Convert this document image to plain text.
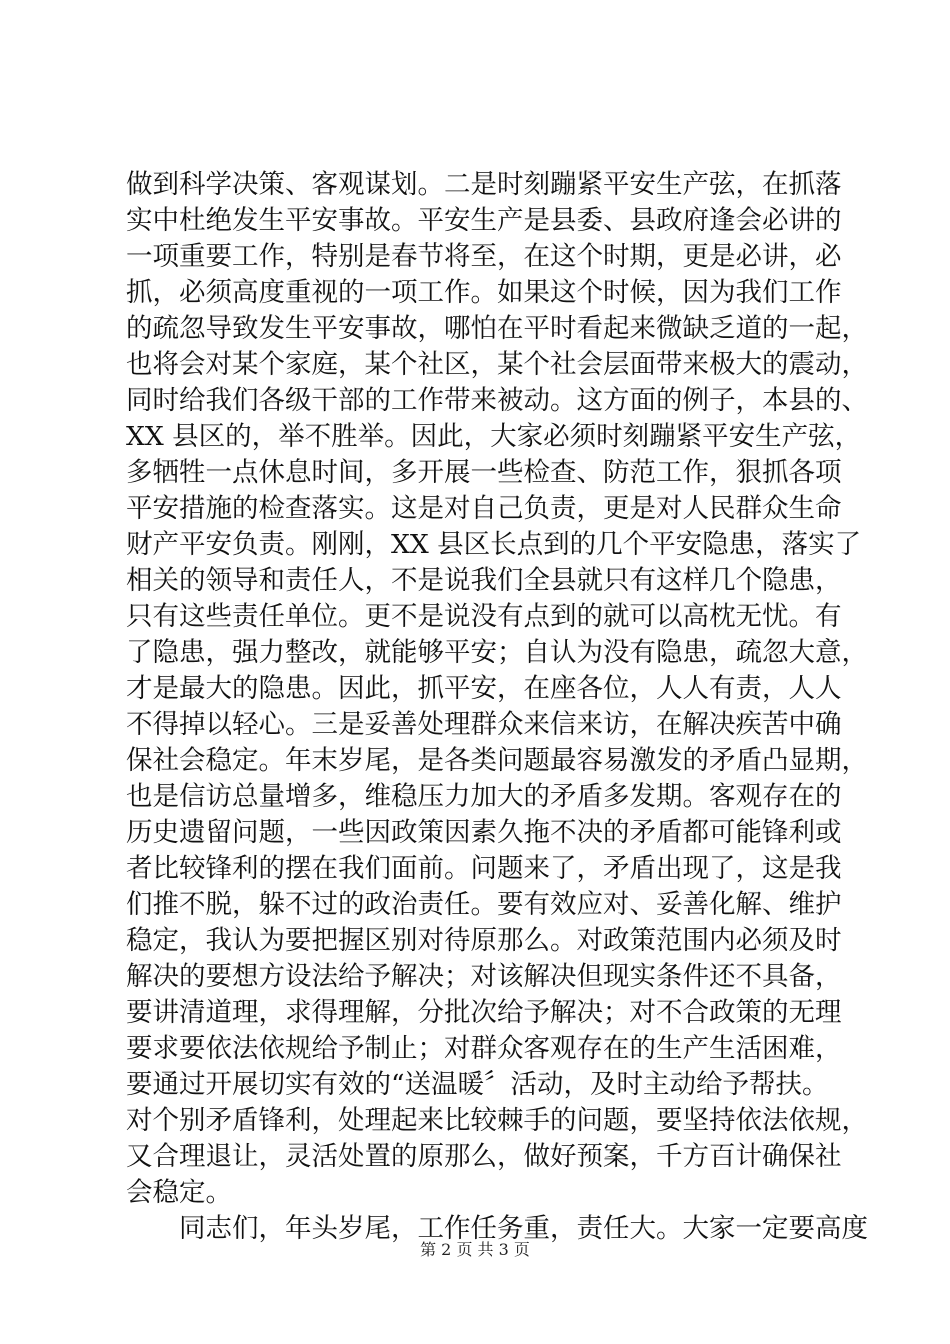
做到科学决策、客观谋划。二是时刻蹦紧平安生产弦，在抓落
实中杜绝发生平安事故。平安生产是县委、县政府逢会必讲的
一项重要工作，特别是春节将至，在这个时期，更是必讲，必
抓，必须高度重视的一项工作。如果这个时候，因为我们工作
的疏忽导致发生平安事故，哪怕在平时看起来微缺乏道的一起，
也将会对某个家庭，某个社区，某个社会层面带来极大的震动，
同时给我们各级干部的工作带来被动。这方面的例子，本县的、
XX 县区的，举不胜举。因此，大家必须时刻蹦紧平安生产弦，
多牺牲一点休息时间，多开展一些检查、防范工作，狠抓各项
平安措施的检查落实。这是对自己负责，更是对人民群众生命
财产平安负责。刚刚，XX 县区长点到的几个平安隐患，落实了
相关的领导和责任人，不是说我们全县就只有这样几个隐患，
只有这些责任单位。更不是说没有点到的就可以高枕无忧。有
了隐患，强力整改，就能够平安；自认为没有隐患，疏忽大意，
才是最大的隐患。因此，抓平安，在座各位，人人有责，人人
不得掉以轻心。三是妥善处理群众来信来访，在解决疾苦中确
保社会稳定。年末岁尾，是各类问题最容易激发的矛盾凸显期，
也是信访总量增多，维稳压力加大的矛盾多发期。客观存在的
历史遗留问题，一些因政策因素久拖不决的矛盾都可能锋利或
者比较锋利的摆在我们面前。问题来了，矛盾出现了，这是我
们推不脱，躲不过的政治责任。要有效应对、妥善化解、维护
稳定，我认为要把握区别对待原那么。对政策范围内必须及时
解决的要想方设法给予解决；对该解决但现实条件还不具备，
要讲清道理，求得理解，分批次给予解决；对不合政策的无理
要求要依法依规给予制止；对群众客观存在的生产生活困难，
要通过开展切实有效的“送温暖〞活动，及时主动给予帮扶。
对个别矛盾锋利，处理起来比较棘手的问题，要坚持依法依规，
又合理退让，灵活处置的原那么，做好预案，千方百计确保社
会稳定。
　　同志们，年头岁尾，工作任务重，责任大。大家一定要高度
第 2 页 共 3 页
